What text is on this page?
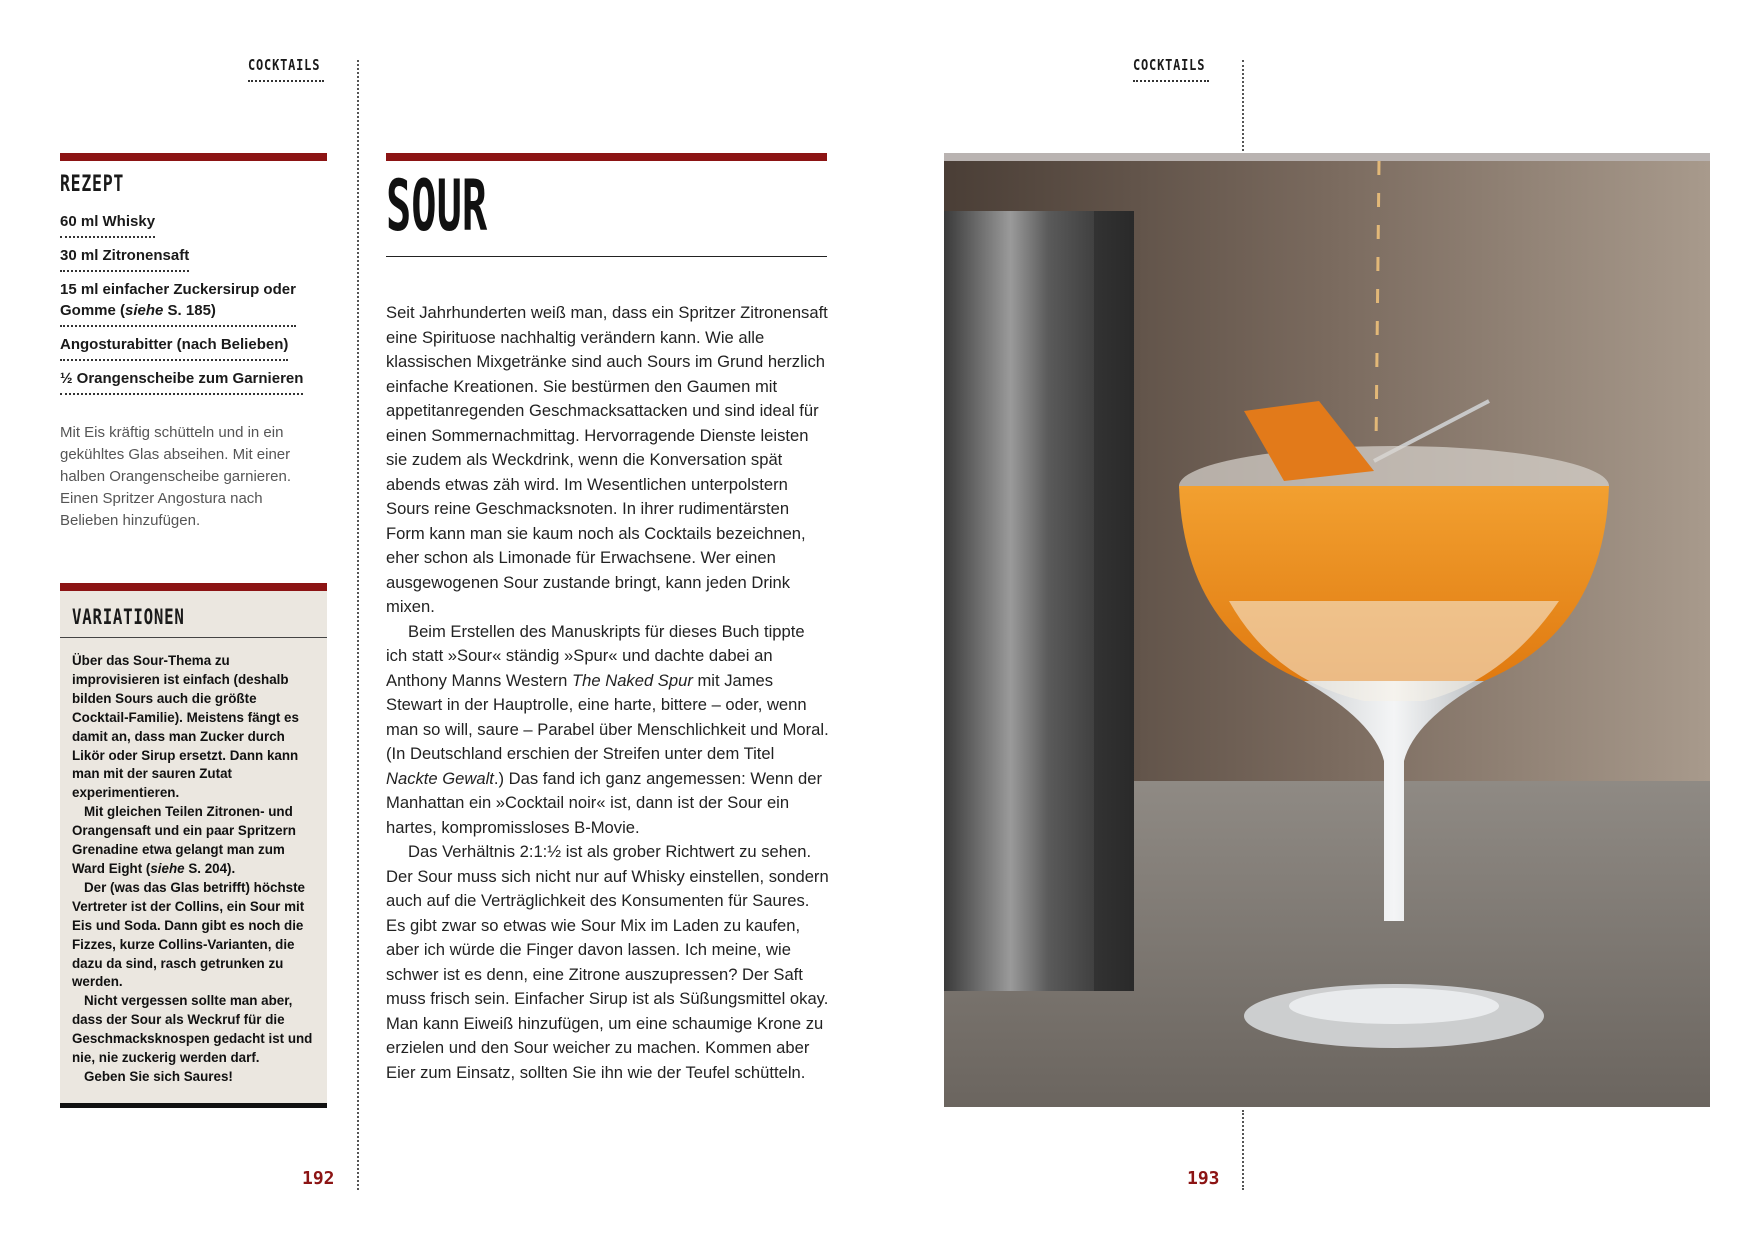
COCKTAILS	COCKTAILS
REZEPT
60 ml Whisky
30 ml Zitronensaft
15 ml einfacher Zuckersirup oder
Gomme (siehe S. 185)
Angosturabitter (nach Belieben)
½ Orangenscheibe zum Garnieren
Mit Eis kräftig schütteln und in ein gekühltes Glas abseihen. Mit einer halben Orangenscheibe garnieren. Einen Spritzer Angostura nach Belieben hinzufügen.
VARIATIONEN

Über das Sour-Thema zu improvisieren ist einfach (deshalb bilden Sours auch die größte Cocktail-Familie). Meistens fängt es damit an, dass man Zucker durch Likör oder Sirup ersetzt. Dann kann man mit der sauren Zutat experimentieren.

Mit gleichen Teilen Zitronen- und Orangensaft und ein paar Spritzern Grenadine etwa gelangt man zum Ward Eight (siehe S. 204).

Der (was das Glas betrifft) höchste Vertreter ist der Collins, ein Sour mit Eis und Soda. Dann gibt es noch die Fizzes, kurze Collins-Varianten, die dazu da sind, rasch getrunken zu werden.

Nicht vergessen sollte man aber, dass der Sour als Weckruf für die Geschmacksknospen gedacht ist und nie, nie zuckerig werden darf.

Geben Sie sich Saures!

SOUR

Seit Jahrhunderten weiß man, dass ein Spritzer Zitronensaft eine Spirituose nachhaltig verändern kann. Wie alle klassischen Mixgetränke sind auch Sours im Grund herzlich einfache Kreationen. Sie bestürmen den Gaumen mit appetitanregenden Geschmacksattacken und sind ideal für einen Sommernachmittag. Hervorragende Dienste leisten sie zudem als Weckdrink, wenn die Konversation spät abends etwas zäh wird. Im Wesentlichen unterpolstern Sours reine Geschmacksnoten. In ihrer rudimentärsten Form kann man sie kaum noch als Cocktails bezeichnen, eher schon als Limonade für Erwachsene. Wer einen ausgewogenen Sour zustande bringt, kann jeden Drink mixen.

Beim Erstellen des Manuskripts für dieses Buch tippte ich statt »Sour« ständig »Spur« und dachte dabei an Anthony Manns Western The Naked Spur mit James Stewart in der Hauptrolle, eine harte, bittere – oder, wenn man so will, saure – Parabel über Menschlichkeit und Moral. (In Deutschland erschien der Streifen unter dem Titel Nackte Gewalt.) Das fand ich ganz angemessen: Wenn der Manhattan ein »Cocktail noir« ist, dann ist der Sour ein hartes, kompromissloses B-Movie.

Das Verhältnis 2:1:½ ist als grober Richtwert zu sehen. Der Sour muss sich nicht nur auf Whisky einstellen, sondern auch auf die Verträglichkeit des Konsumenten für Saures. Es gibt zwar so etwas wie Sour Mix im Laden zu kaufen, aber ich würde die Finger davon lassen. Ich meine, wie schwer ist es denn, eine Zitrone auszupressen? Der Saft muss frisch sein. Einfacher Sirup ist als Süßungsmittel okay. Man kann Eiweiß hinzufügen, um eine schaumige Krone zu erzielen und den Sour weicher zu machen. Kommen aber Eier zum Einsatz, sollten Sie ihn wie der Teufel schütteln.

192	193
